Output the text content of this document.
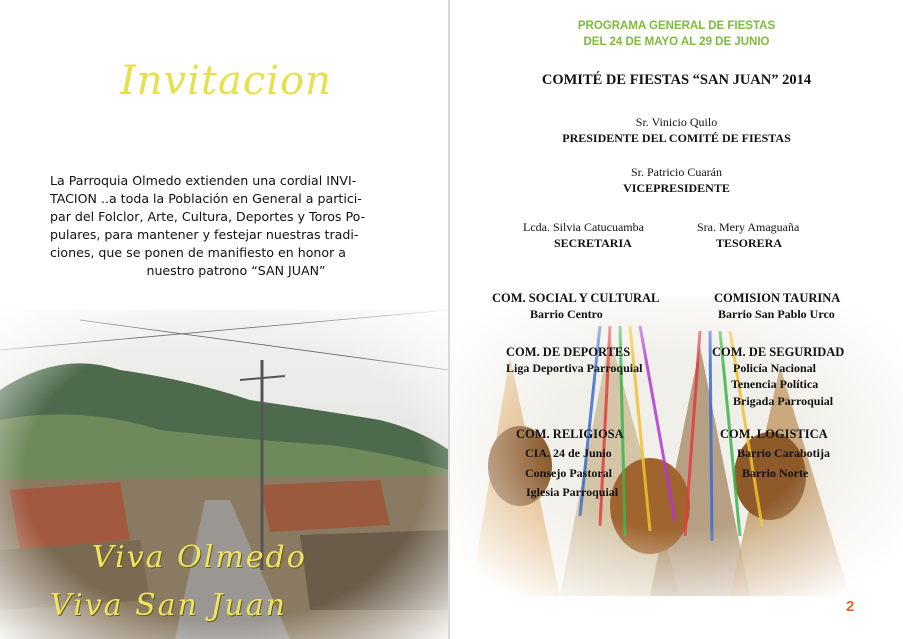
Invitacion
La Parroquia Olmedo extienden una cordial INVI-
TACION ..a toda la Población en General a partici-
par del Folclor, Arte, Cultura, Deportes y Toros Po-
pulares, para mantener y festejar nuestras tradi-
ciones, que se ponen de manifiesto en honor a

nuestro patrono “SAN JUAN”
Viva Olmedo
Viva San Juan
PROGRAMA GENERAL DE FIESTAS
DEL 24 DE MAYO AL 29 DE JUNIO
COMITÉ DE FIESTAS “SAN JUAN” 2014
Sr. Vinicio Quilo
PRESIDENTE DEL COMITÉ DE FIESTAS
Sr. Patricio Cuarán
VICEPRESIDENTE
Lcda. Silvia Catucuamba
SECRETARIA
Sra. Mery Amaguaña
TESORERA
COM. SOCIAL Y CULTURAL
Barrio Centro
COMISION TAURINA
Barrio San Pablo Urco
COM. DE DEPORTES
Liga Deportiva Parroquial
COM. DE SEGURIDAD
Policía Nacional
Tenencia Política
Brigada Parroquial
COM. RELIGIOSA
CIA. 24 de Junio
Consejo Pastoral
Iglesia Parroquial
COM. LOGISTICA
Barrio Carabotija
Barrio Norte
2
